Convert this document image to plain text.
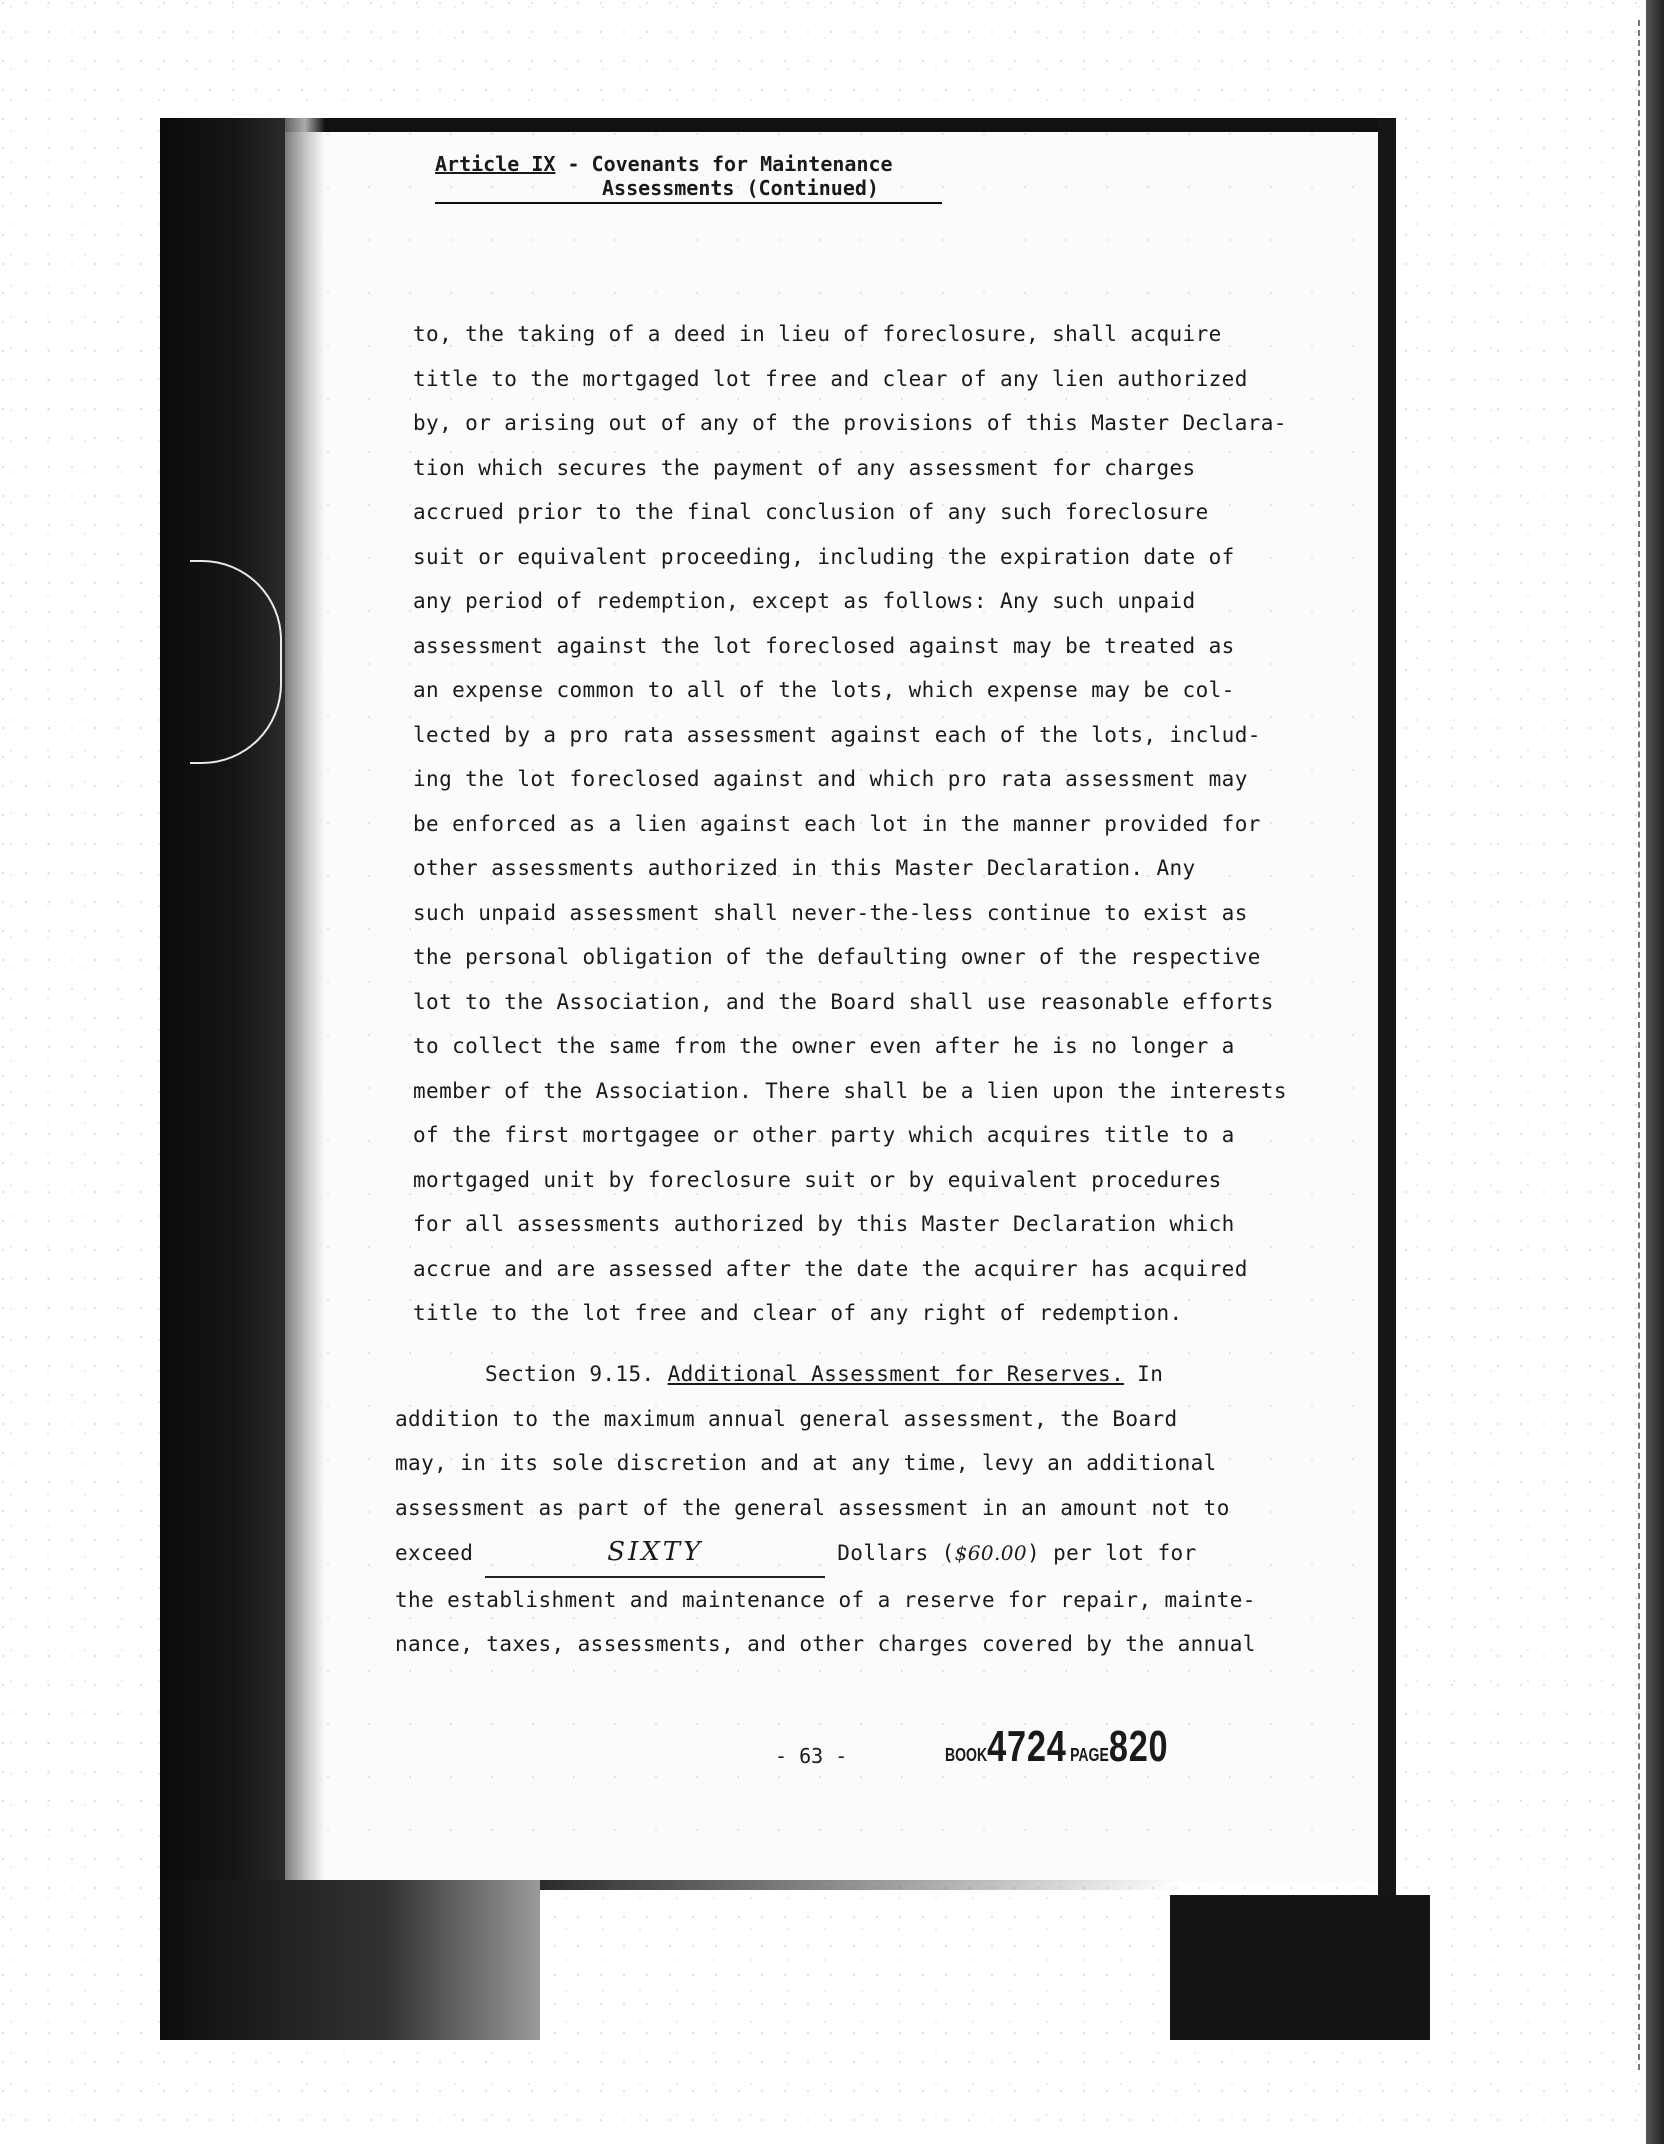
Article IX - Covenants for Maintenance
Assessments (Continued)
to, the taking of a deed in lieu of foreclosure, shall acquire
title to the mortgaged lot free and clear of any lien authorized
by, or arising out of any of the provisions of this Master Declara-
tion which secures the payment of any assessment for charges
accrued prior to the final conclusion of any such foreclosure
suit or equivalent proceeding, including the expiration date of
any period of redemption, except as follows: Any such unpaid
assessment against the lot foreclosed against may be treated as
an expense common to all of the lots, which expense may be col-
lected by a pro rata assessment against each of the lots, includ-
ing the lot foreclosed against and which pro rata assessment may
be enforced as a lien against each lot in the manner provided for
other assessments authorized in this Master Declaration. Any
such unpaid assessment shall never-the-less continue to exist as
the personal obligation of the defaulting owner of the respective
lot to the Association, and the Board shall use reasonable efforts
to collect the same from the owner even after he is no longer a
member of the Association. There shall be a lien upon the interests
of the first mortgagee or other party which acquires title to a
mortgaged unit by foreclosure suit or by equivalent procedures
for all assessments authorized by this Master Declaration which
accrue and are assessed after the date the acquirer has acquired
title to the lot free and clear of any right of redemption.
Section 9.15. Additional Assessment for Reserves. In
addition to the maximum annual general assessment, the Board
may, in its sole discretion and at any time, levy an additional
assessment as part of the general assessment in an amount not to
exceed	SIXTY	Dollars ($60.00) per lot for
the establishment and maintenance of a reserve for repair, mainte-
nance, taxes, assessments, and other charges covered by the annual
- 63 -	BOOK4724 PAGE820
